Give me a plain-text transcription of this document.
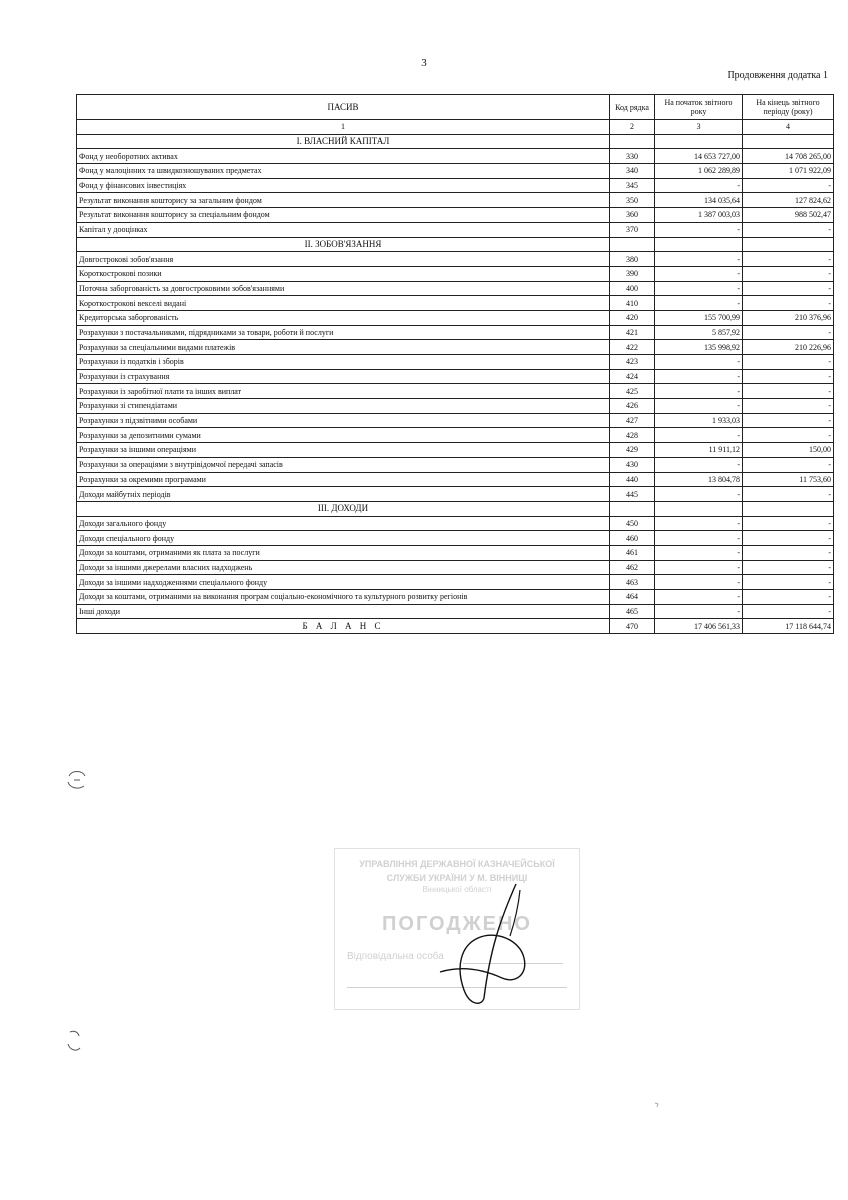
3
Продовження додатка 1
ПАСИВ	Код рядка	На початок звітного року	На кінець звітного періоду (року)
1	2	3	4
І. ВЛАСНИЙ КАПІТАЛ			
Фонд у необоротних активах	330	14 653 727,00	14 708 265,00
Фонд у малоцінних та швидкозношуваних предметах	340	1 062 289,89	1 071 922,09
Фонд у фінансових інвестиціях	345	-	-
Результат виконання кошторису за загальним фондом	350	134 035,64	127 824,62
Результат виконання кошторису за спеціальним фондом	360	1 387 003,03	988 502,47
Капітал у дооцінках	370	-	-
ІІ. ЗОБОВ'ЯЗАННЯ			
Довгострокові зобов'язання	380	-	-
Короткострокові позики	390	-	-
Поточна заборгованість за довгостроковими зобов'язаннями	400	-	-
Короткострокові векселі видані	410	-	-
Кредиторська заборгованість	420	155 700,99	210 376,96
Розрахунки з постачальниками, підрядниками за товари, роботи й послуги	421	5 857,92	-
Розрахунки за спеціальними видами платежів	422	135 998,92	210 226,96
Розрахунки із податків і зборів	423	-	-
Розрахунки із страхування	424	-	-
Розрахунки із заробітної плати та інших виплат	425	-	-
Розрахунки зі стипендіатами	426	-	-
Розрахунки з підзвітними особами	427	1 933,03	-
Розрахунки за депозитними сумами	428	-	-
Розрахунки за іншими операціями	429	11 911,12	150,00
Розрахунки за операціями з внутрівідомчої передачі запасів	430	-	-
Розрахунки за окремими програмами	440	13 804,78	11 753,60
Доходи майбутніх періодів	445	-	-
ІІІ. ДОХОДИ			
Доходи загального фонду	450	-	-
Доходи спеціального фонду	460	-	-
Доходи за коштами, отриманими як плата за послуги	461	-	-
Доходи за іншими джерелами власних надходжень	462	-	-
Доходи за іншими надходженнями спеціального фонду	463	-	-
Доходи за коштами, отриманими на виконання програм соціально-економічного та культурного розвитку регіонів	464	-	-
Інші доходи	465	-	-
Б А Л А Н С	470	17 406 561,33	17 118 644,74
УПРАВЛІННЯ ДЕРЖАВНОЇ КАЗНАЧЕЙСЬКОЇ
СЛУЖБИ УКРАЇНИ У М. ВІННИЦІ
Вінницької області
ПОГОДЖЕНО
Відповідальна особа
